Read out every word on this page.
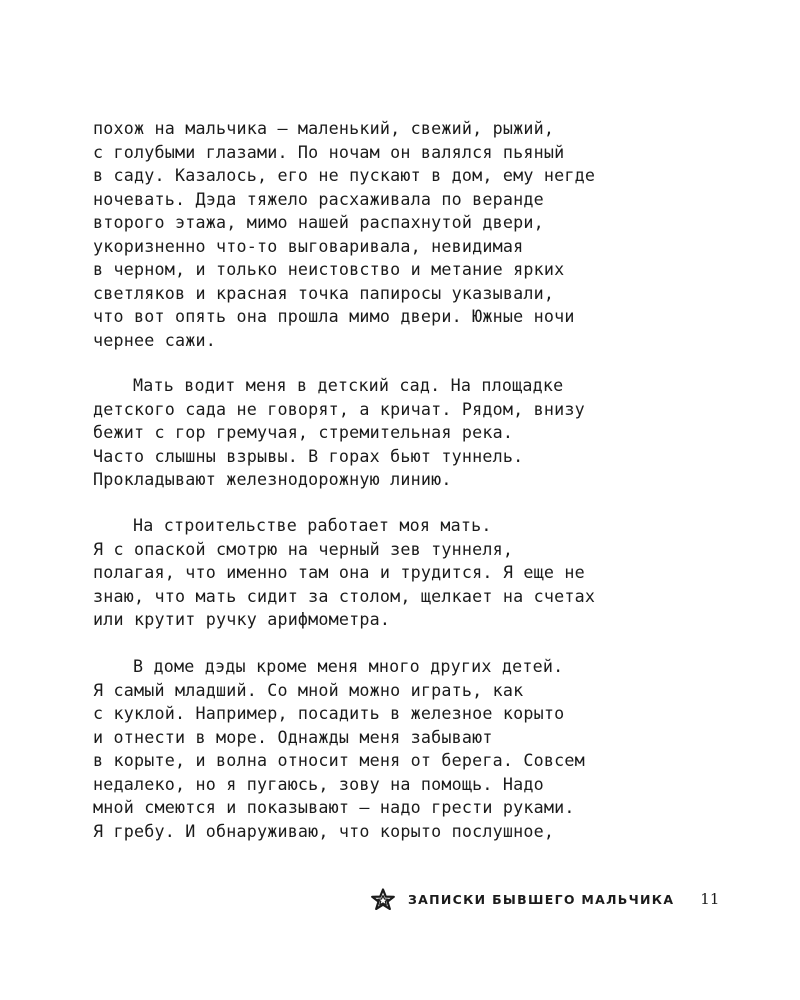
похож на мальчика — маленький, свежий, рыжий,
с голубыми глазами. По ночам он валялся пьяный
в саду. Казалось, его не пускают в дом, ему негде
ночевать. Дэда тяжело расхаживала по веранде
второго этажа, мимо нашей распахнутой двери,
укоризненно что-то выговаривала, невидимая
в черном, и только неистовство и метание ярких
светляков и красная точка папиросы указывали,
что вот опять она прошла мимо двери. Южные ночи
чернее сажи.
Мать водит меня в детский сад. На площадке
детского сада не говорят, а кричат. Рядом, внизу
бежит с гор гремучая, стремительная река.
Часто слышны взрывы. В горах бьют туннель.
Прокладывают железнодорожную линию.
На строительстве работает моя мать.
Я с опаской смотрю на черный зев туннеля,
полагая, что именно там она и трудится. Я еще не
знаю, что мать сидит за столом, щелкает на счетах
или крутит ручку арифмометра.
В доме дэды кроме меня много других детей.
Я самый младший. Со мной можно играть, как
с куклой. Например, посадить в железное корыто
и отнести в море. Однажды меня забывают
в корыте, и волна относит меня от берега. Совсем
недалеко, но я пугаюсь, зову на помощь. Надо
мной смеются и показывают — надо грести руками.
Я гребу. И обнаруживаю, что корыто послушное,
ЗАПИСКИ БЫВШЕГО МАЛЬЧИКА 11
